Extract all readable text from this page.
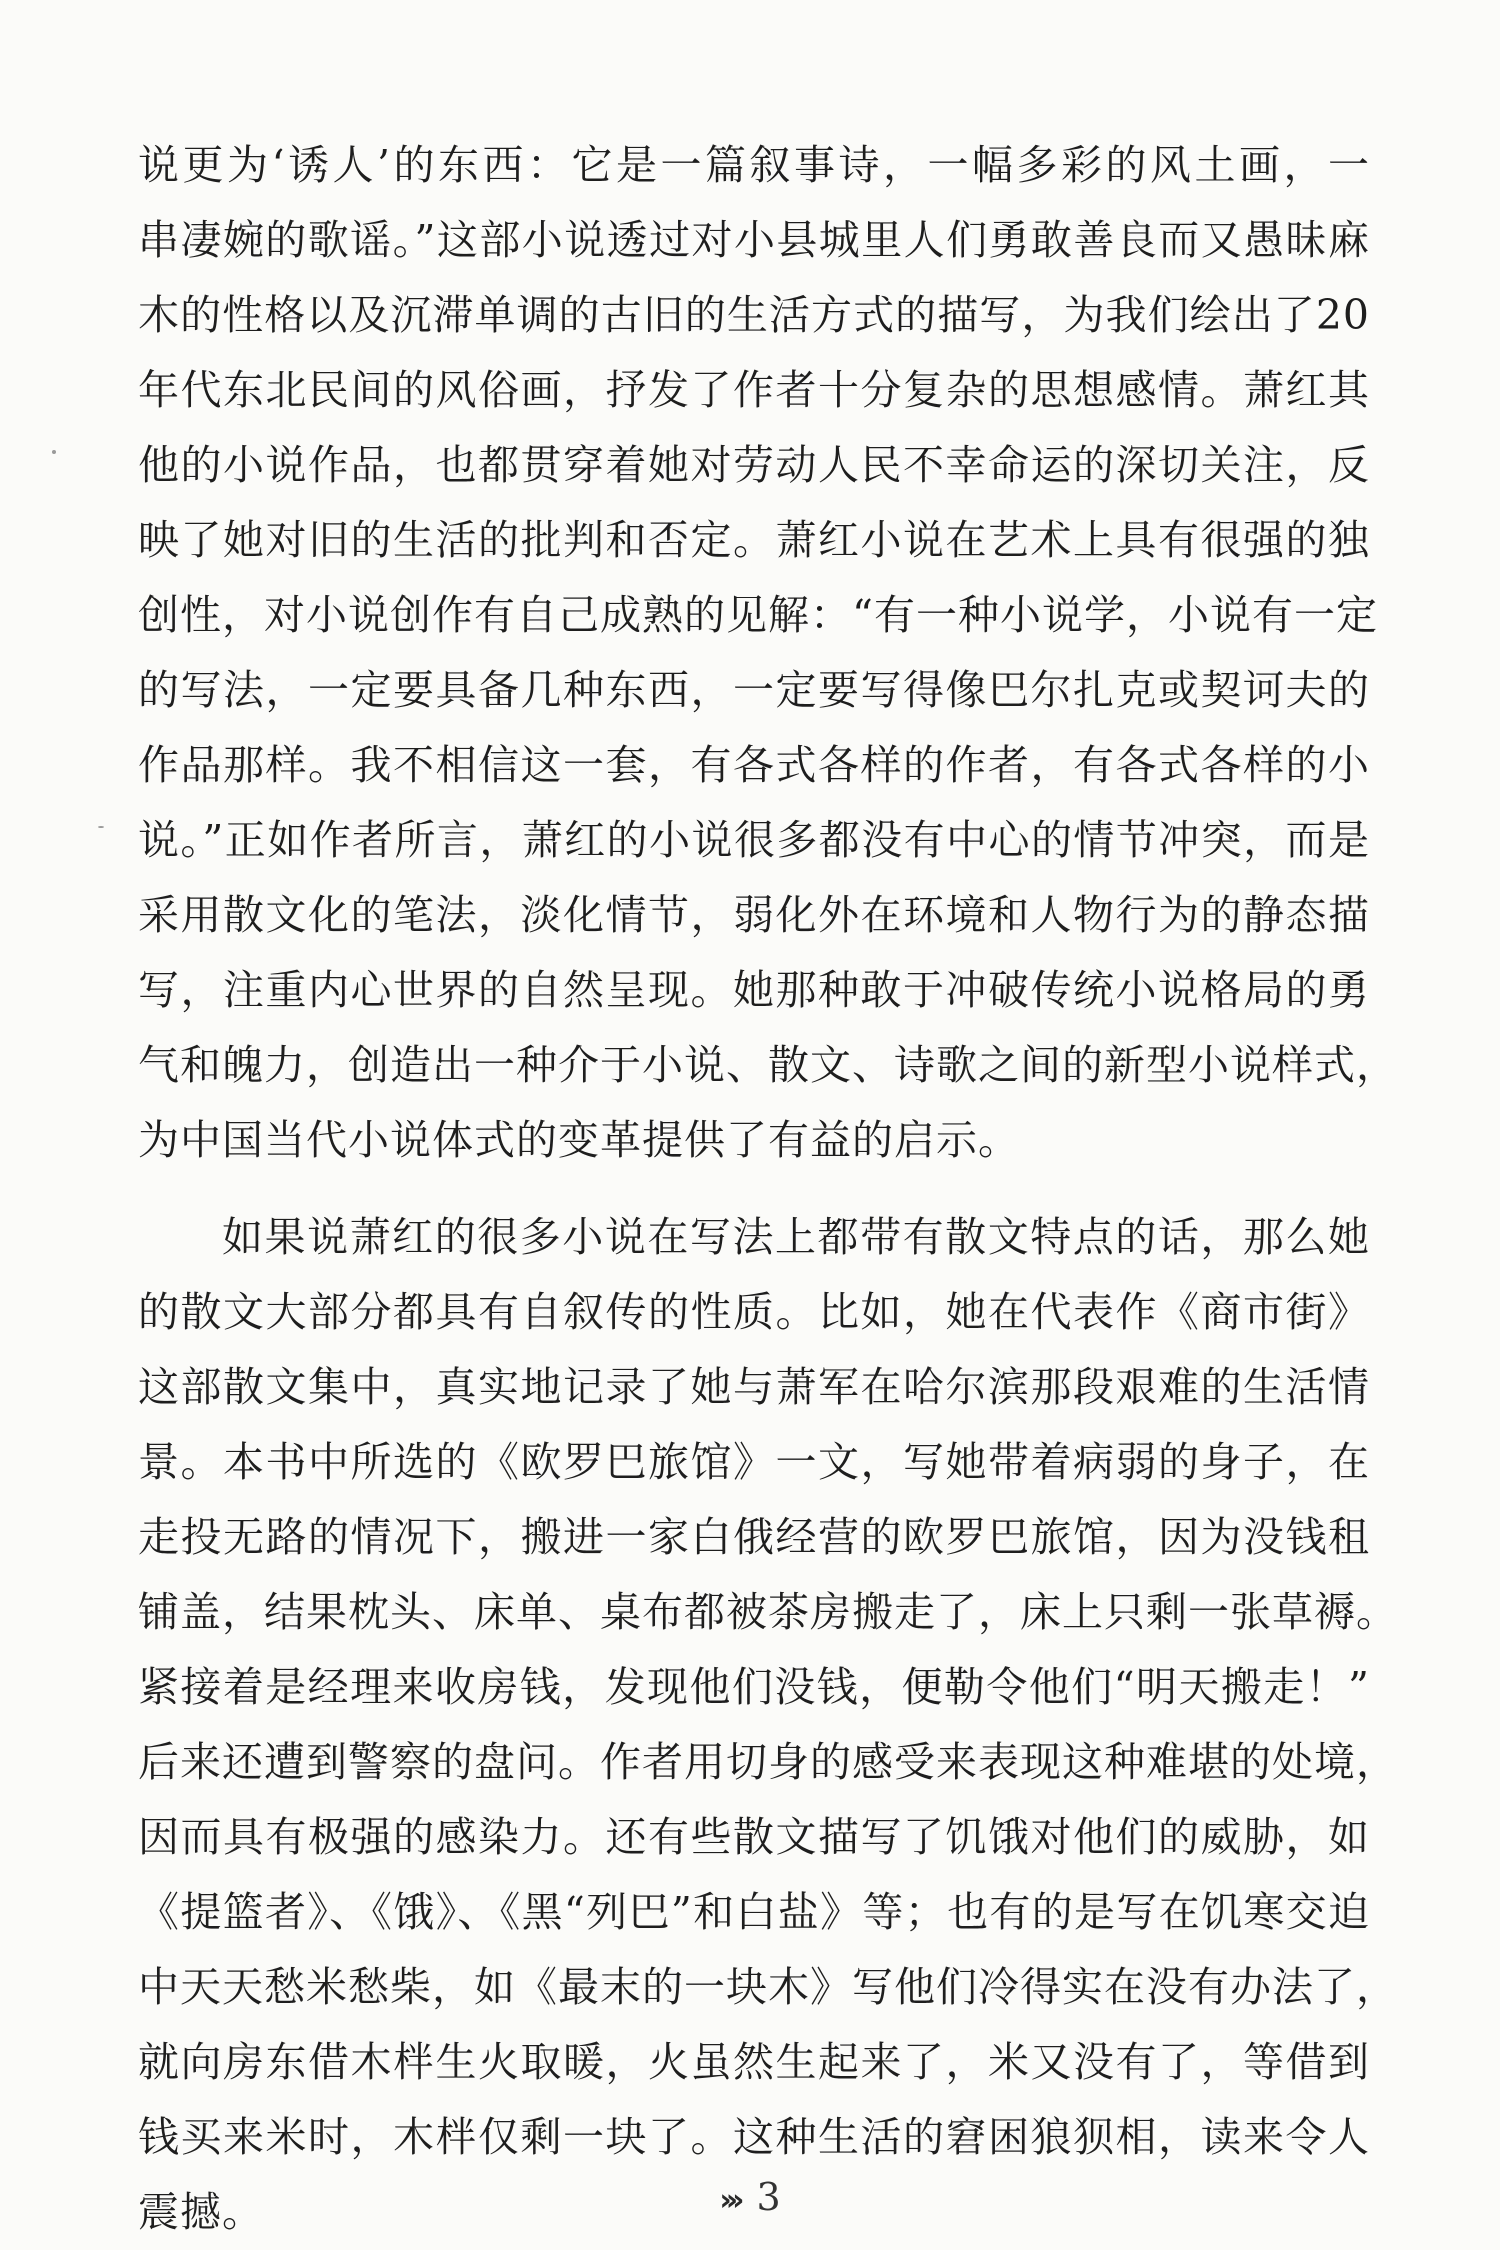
说更为‘诱人’的东西：它是一篇叙事诗，一幅多彩的风土画，一
串凄婉的歌谣。”这部小说透过对小县城里人们勇敢善良而又愚昧麻
木的性格以及沉滞单调的古旧的生活方式的描写，为我们绘出了20
年代东北民间的风俗画，抒发了作者十分复杂的思想感情。萧红其
他的小说作品，也都贯穿着她对劳动人民不幸命运的深切关注，反
映了她对旧的生活的批判和否定。萧红小说在艺术上具有很强的独
创性，对小说创作有自己成熟的见解：“有一种小说学，小说有一定
的写法，一定要具备几种东西，一定要写得像巴尔扎克或契诃夫的
作品那样。我不相信这一套，有各式各样的作者，有各式各样的小
说。”正如作者所言，萧红的小说很多都没有中心的情节冲突，而是
采用散文化的笔法，淡化情节，弱化外在环境和人物行为的静态描
写，注重内心世界的自然呈现。她那种敢于冲破传统小说格局的勇
气和魄力，创造出一种介于小说、散文、诗歌之间的新型小说样式，
为中国当代小说体式的变革提供了有益的启示。
如果说萧红的很多小说在写法上都带有散文特点的话，那么她
的散文大部分都具有自叙传的性质。比如，她在代表作《商市街》
这部散文集中，真实地记录了她与萧军在哈尔滨那段艰难的生活情
景。本书中所选的《欧罗巴旅馆》一文，写她带着病弱的身子，在
走投无路的情况下，搬进一家白俄经营的欧罗巴旅馆，因为没钱租
铺盖，结果枕头、床单、桌布都被茶房搬走了，床上只剩一张草褥。
紧接着是经理来收房钱，发现他们没钱，便勒令他们“明天搬走！”
后来还遭到警察的盘问。作者用切身的感受来表现这种难堪的处境，
因而具有极强的感染力。还有些散文描写了饥饿对他们的威胁，如
《提篮者》、《饿》、《黑“列巴”和白盐》等；也有的是写在饥寒交迫
中天天愁米愁柴，如《最末的一块木》写他们冷得实在没有办法了，
就向房东借木柈生火取暖，火虽然生起来了，米又没有了，等借到
钱买来米时，木柈仅剩一块了。这种生活的窘困狼狈相，读来令人
震撼。	››› 3
